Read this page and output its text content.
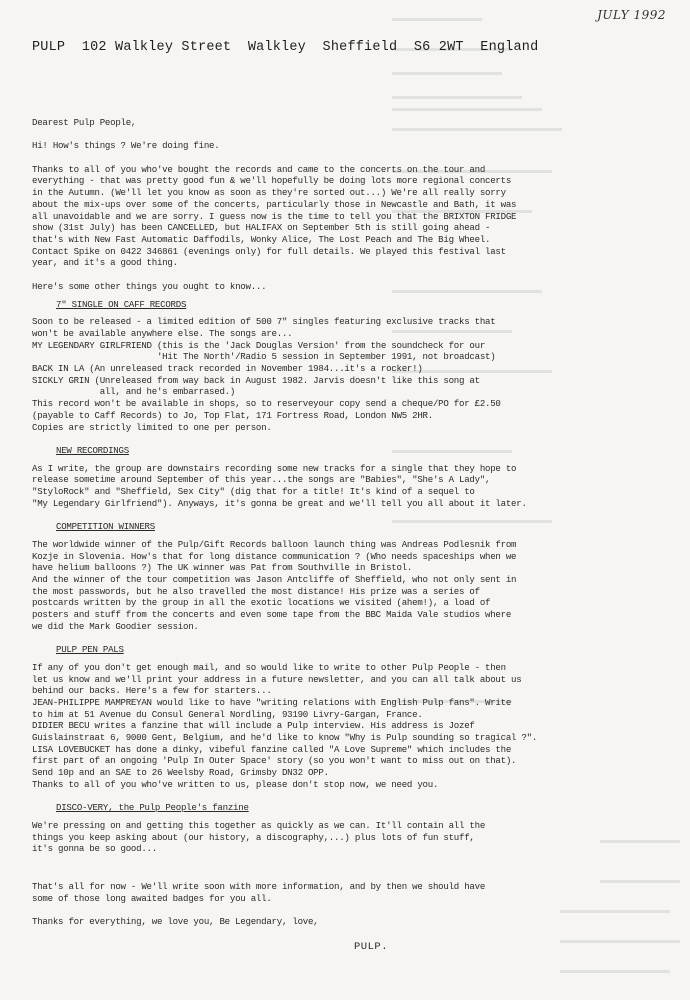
JULY 1992
PULP  102 Walkley Street  Walkley  Sheffield  S6 2WT  England

Dearest Pulp People,

Hi! How's things ? We're doing fine.

Thanks to all of you who've bought the records and came to the concerts on the tour and
everything - that was pretty good fun & we'll hopefully be doing lots more regional concerts
in the Autumn. (We'll let you know as soon as they're sorted out...) We're all really sorry
about the mix-ups over some of the concerts, particularly those in Newcastle and Bath, it was
all unavoidable and we are sorry. I guess now is the time to tell you that the BRIXTON FRIDGE
show (31st July) has been CANCELLED, but HALIFAX on September 5th is still going ahead -
that's with New Fast Automatic Daffodils, Wonky Alice, The Lost Peach and The Big Wheel.
Contact Spike on 0422 346861 (evenings only) for full details. We played this festival last
year, and it's a good thing.

Here's some other things you ought to know...

7" SINGLE ON CAFF RECORDS

Soon to be released - a limited edition of 500 7" singles featuring exclusive tracks that
won't be available anywhere else. The songs are...
MY LEGENDARY GIRLFRIEND (this is the 'Jack Douglas Version' from the soundcheck for our
'Hit The North'/Radio 5 session in September 1991, not broadcast)
BACK IN LA (An unreleased track recorded in November 1984...it's a rocker!)
SICKLY GRIN (Unreleased from way back in August 1982. Jarvis doesn't like this song at
all, and he's embarrased.)
This record won't be available in shops, so to reserveyour copy send a cheque/PO for £2.50
(payable to Caff Records) to Jo, Top Flat, 171 Fortress Road, London NW5 2HR.
Copies are strictly limited to one per person.

NEW RECORDINGS

As I write, the group are downstairs recording some new tracks for a single that they hope to
release sometime around September of this year...the songs are "Babies", "She's A Lady",
"StyloRock" and "Sheffield, Sex City" (dig that for a title! It's kind of a sequel to
"My Legendary Girlfriend"). Anyways, it's gonna be great and we'll tell you all about it later.

COMPETITION WINNERS

The worldwide winner of the Pulp/Gift Records balloon launch thing was Andreas Podlesnik from
Kozje in Slovenia. How's that for long distance communication ? (Who needs spaceships when we
have helium balloons ?) The UK winner was Pat from Southville in Bristol.
And the winner of the tour competition was Jason Antcliffe of Sheffield, who not only sent in
the most passwords, but he also travelled the most distance! His prize was a series of
postcards written by the group in all the exotic locations we visited (ahem!), a load of
posters and stuff from the concerts and even some tape from the BBC Maida Vale studios where
we did the Mark Goodier session.

PULP PEN PALS

If any of you don't get enough mail, and so would like to write to other Pulp People - then
let us know and we'll print your address in a future newsletter, and you can all talk about us
behind our backs. Here's a few for starters...
JEAN-PHILIPPE MAMPREYAN would like to have "writing relations with English Pulp fans". Write
to him at 51 Avenue du Consul General Nordling, 93190 Livry-Gargan, France.
DIDIER BECU writes a fanzine that will include a Pulp interview. His address is Jozef
Guislainstraat 6, 9000 Gent, Belgium, and he'd like to know "Why is Pulp sounding so tragical ?".
LISA LOVEBUCKET has done a dinky, vibeful fanzine called "A Love Supreme" which includes the
first part of an ongoing 'Pulp In Outer Space' story (so you won't want to miss out on that).
Send 10p and an SAE to 26 Weelsby Road, Grimsby DN32 OPP.
Thanks to all of you who've written to us, please don't stop now, we need you.

DISCO-VERY, the Pulp People's fanzine

We're pressing on and getting this together as quickly as we can. It'll contain all the
things you keep asking about (our history, a discography,...) plus lots of fun stuff,
it's gonna be so good...

That's all for now - We'll write soon with more information, and by then we should have
some of those long awaited badges for you all.

Thanks for everything, we love you, Be Legendary, love,

PULP.
